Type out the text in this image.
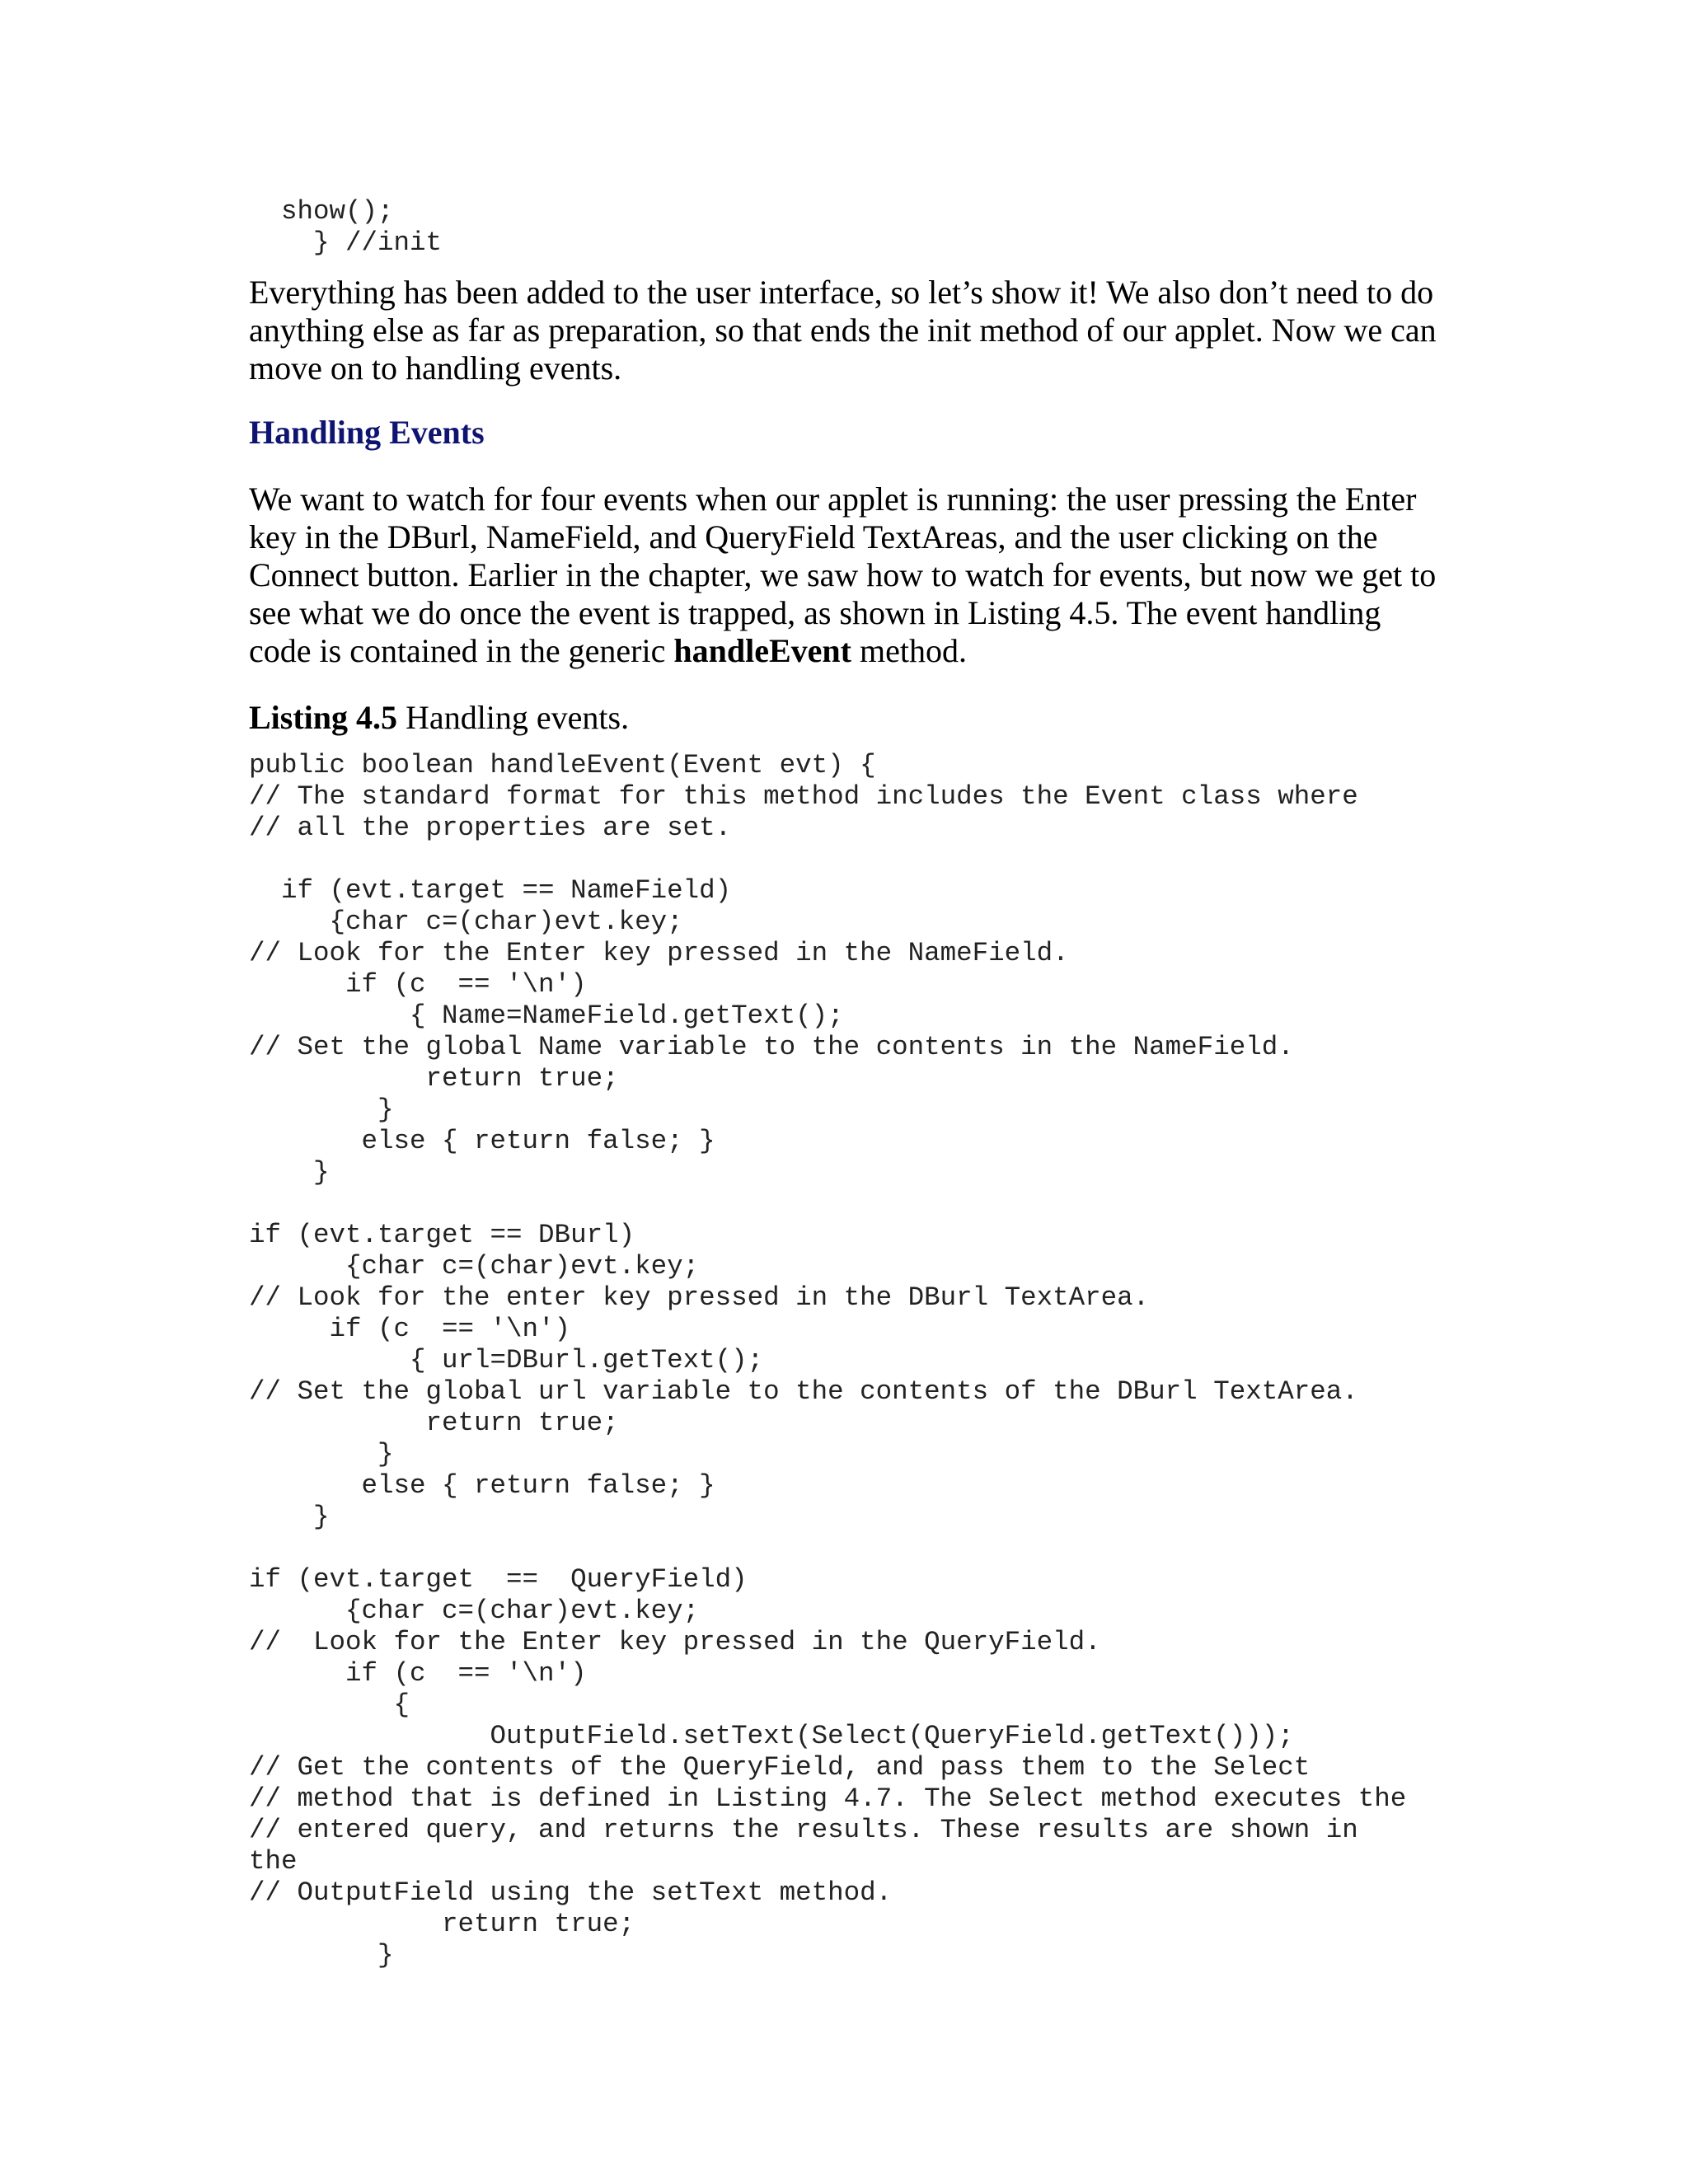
show();
} //init

Everything has been added to the user interface, so let’s show it! We also don’t need to do anything else as far as preparation, so that ends the init method of our applet. Now we can move on to handling events.

Handling Events

We want to watch for four events when our applet is running: the user pressing the Enter key in the DBurl, NameField, and QueryField TextAreas, and the user clicking on the Connect button. Earlier in the chapter, we saw how to watch for events, but now we get to see what we do once the event is trapped, as shown in Listing 4.5. The event handling code is contained in the generic handleEvent method.

Listing 4.5 Handling events.

public boolean handleEvent(Event evt) {
// The standard format for this method includes the Event class where
// all the properties are set.

if (evt.target == NameField)
{char c=(char)evt.key;
// Look for the Enter key pressed in the NameField.
if (c  == '\n')
{ Name=NameField.getText();
// Set the global Name variable to the contents in the NameField.
return true;
}
else { return false; }
}

if (evt.target == DBurl)
{char c=(char)evt.key;
// Look for the enter key pressed in the DBurl TextArea.
if (c  == '\n')
{ url=DBurl.getText();
// Set the global url variable to the contents of the DBurl TextArea.
return true;
}
else { return false; }
}

if (evt.target  ==  QueryField)
{char c=(char)evt.key;
//  Look for the Enter key pressed in the QueryField.
if (c  == '\n')
{
OutputField.setText(Select(QueryField.getText()));
// Get the contents of the QueryField, and pass them to the Select
// method that is defined in Listing 4.7. The Select method executes the
// entered query, and returns the results. These results are shown in
the
// OutputField using the setText method.
return true;
}
